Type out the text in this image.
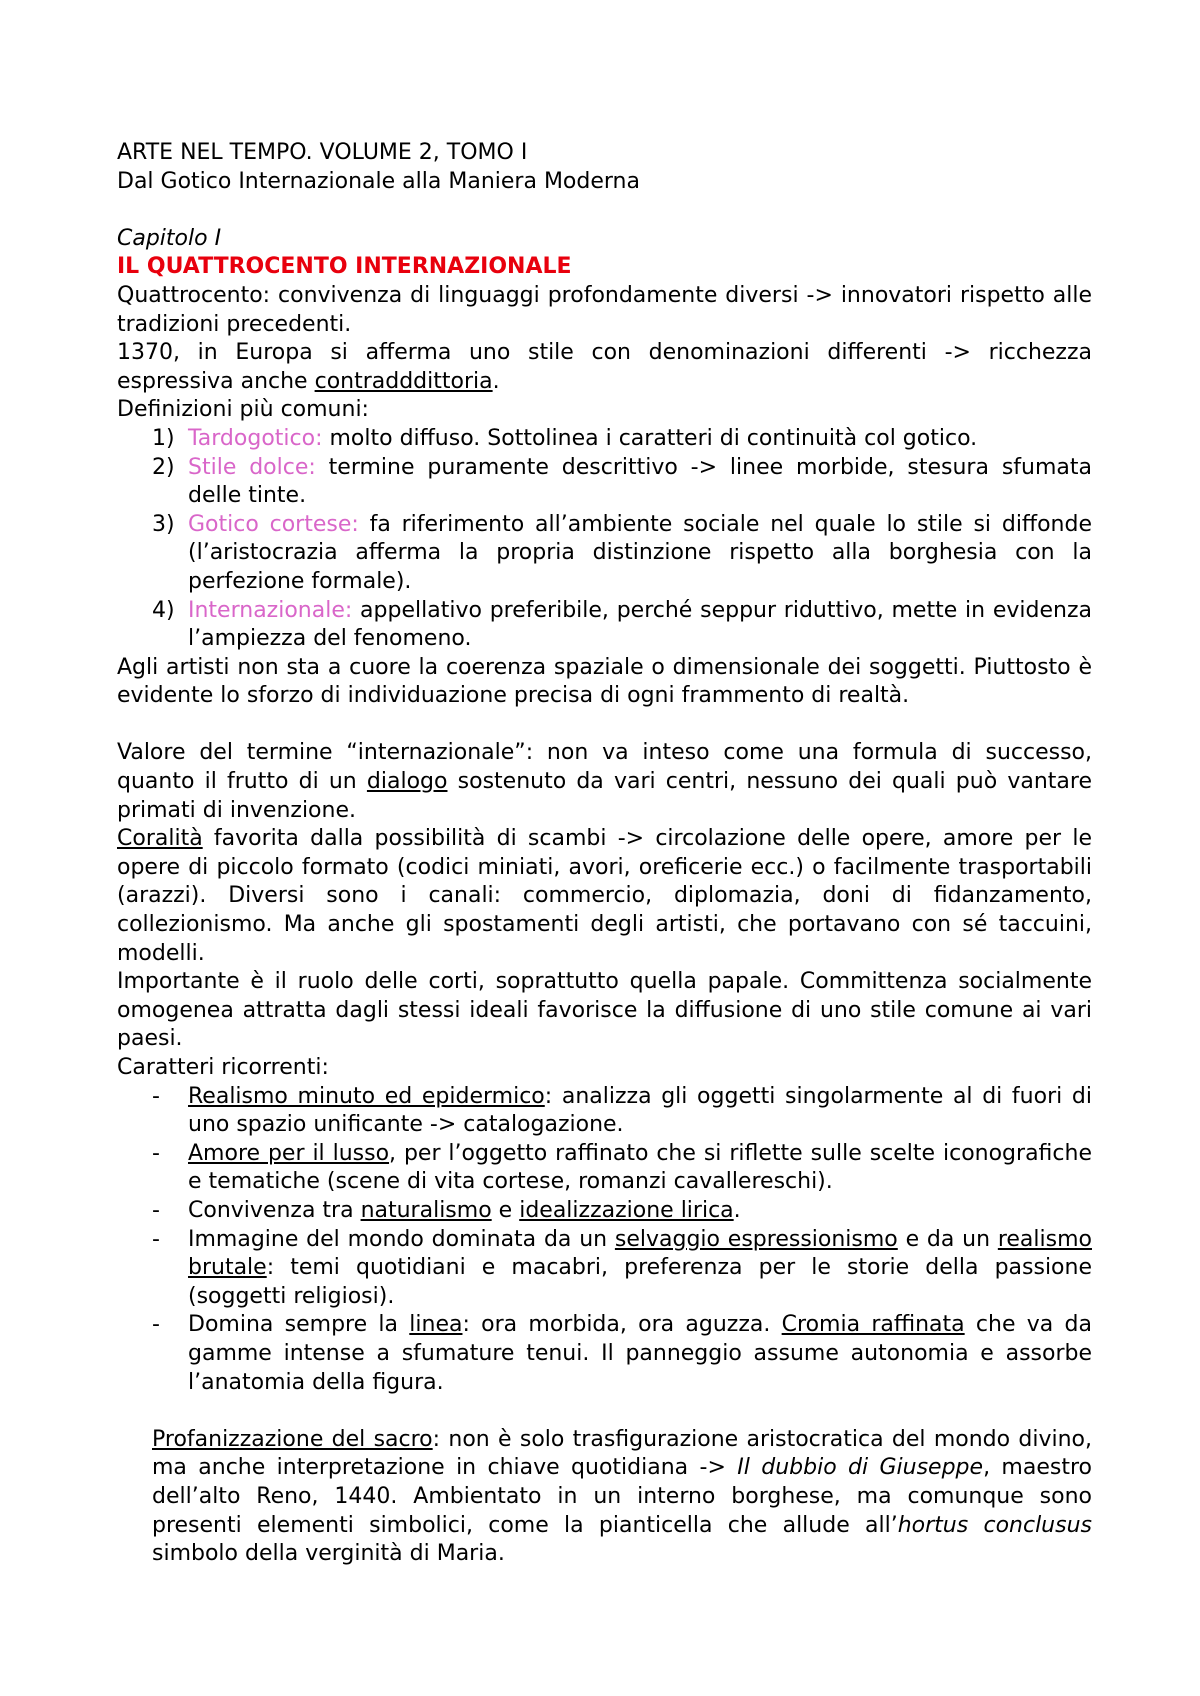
ARTE NEL TEMPO. VOLUME 2, TOMO I

Dal Gotico Internazionale alla Maniera Moderna

Capitolo I

IL QUATTROCENTO INTERNAZIONALE

Quattrocento: convivenza di linguaggi profondamente diversi -> innovatori rispetto alle tradizioni precedenti.

1370, in Europa si afferma uno stile con denominazioni differenti -> ricchezza espressiva anche contradddittoria.

Definizioni più comuni:

1) Tardogotico: molto diffuso. Sottolinea i caratteri di continuità col gotico.
2) Stile dolce: termine puramente descrittivo -> linee morbide, stesura sfumata delle tinte.
3) Gotico cortese: fa riferimento all’ambiente sociale nel quale lo stile si diffonde (l’aristocrazia afferma la propria distinzione rispetto alla borghesia con la perfezione formale).
4) Internazionale: appellativo preferibile, perché seppur riduttivo, mette in evidenza l’ampiezza del fenomeno.

Agli artisti non sta a cuore la coerenza spaziale o dimensionale dei soggetti. Piuttosto è evidente lo sforzo di individuazione precisa di ogni frammento di realtà.

Valore del termine “internazionale”: non va inteso come una formula di successo, quanto il frutto di un dialogo sostenuto da vari centri, nessuno dei quali può vantare primati di invenzione.

Coralità favorita dalla possibilità di scambi -> circolazione delle opere, amore per le opere di piccolo formato (codici miniati, avori, oreficerie ecc.) o facilmente trasportabili (arazzi). Diversi sono i canali: commercio, diplomazia, doni di fidanzamento, collezionismo. Ma anche gli spostamenti degli artisti, che portavano con sé taccuini, modelli.

Importante è il ruolo delle corti, soprattutto quella papale. Committenza socialmente omogenea attratta dagli stessi ideali favorisce la diffusione di uno stile comune ai vari paesi.

Caratteri ricorrenti:

- Realismo minuto ed epidermico: analizza gli oggetti singolarmente al di fuori di uno spazio unificante -> catalogazione.
- Amore per il lusso, per l’oggetto raffinato che si riflette sulle scelte iconografiche e tematiche (scene di vita cortese, romanzi cavallereschi).
- Convivenza tra naturalismo e idealizzazione lirica.
- Immagine del mondo dominata da un selvaggio espressionismo e da un realismo brutale: temi quotidiani e macabri, preferenza per le storie della passione (soggetti religiosi).
- Domina sempre la linea: ora morbida, ora aguzza. Cromia raffinata che va da gamme intense a sfumature tenui. Il panneggio assume autonomia e assorbe l’anatomia della figura.

Profanizzazione del sacro: non è solo trasfigurazione aristocratica del mondo divino, ma anche interpretazione in chiave quotidiana -> Il dubbio di Giuseppe, maestro dell’alto Reno, 1440. Ambientato in un interno borghese, ma comunque sono presenti elementi simbolici, come la pianticella che allude all’hortus conclusus simbolo della verginità di Maria.
